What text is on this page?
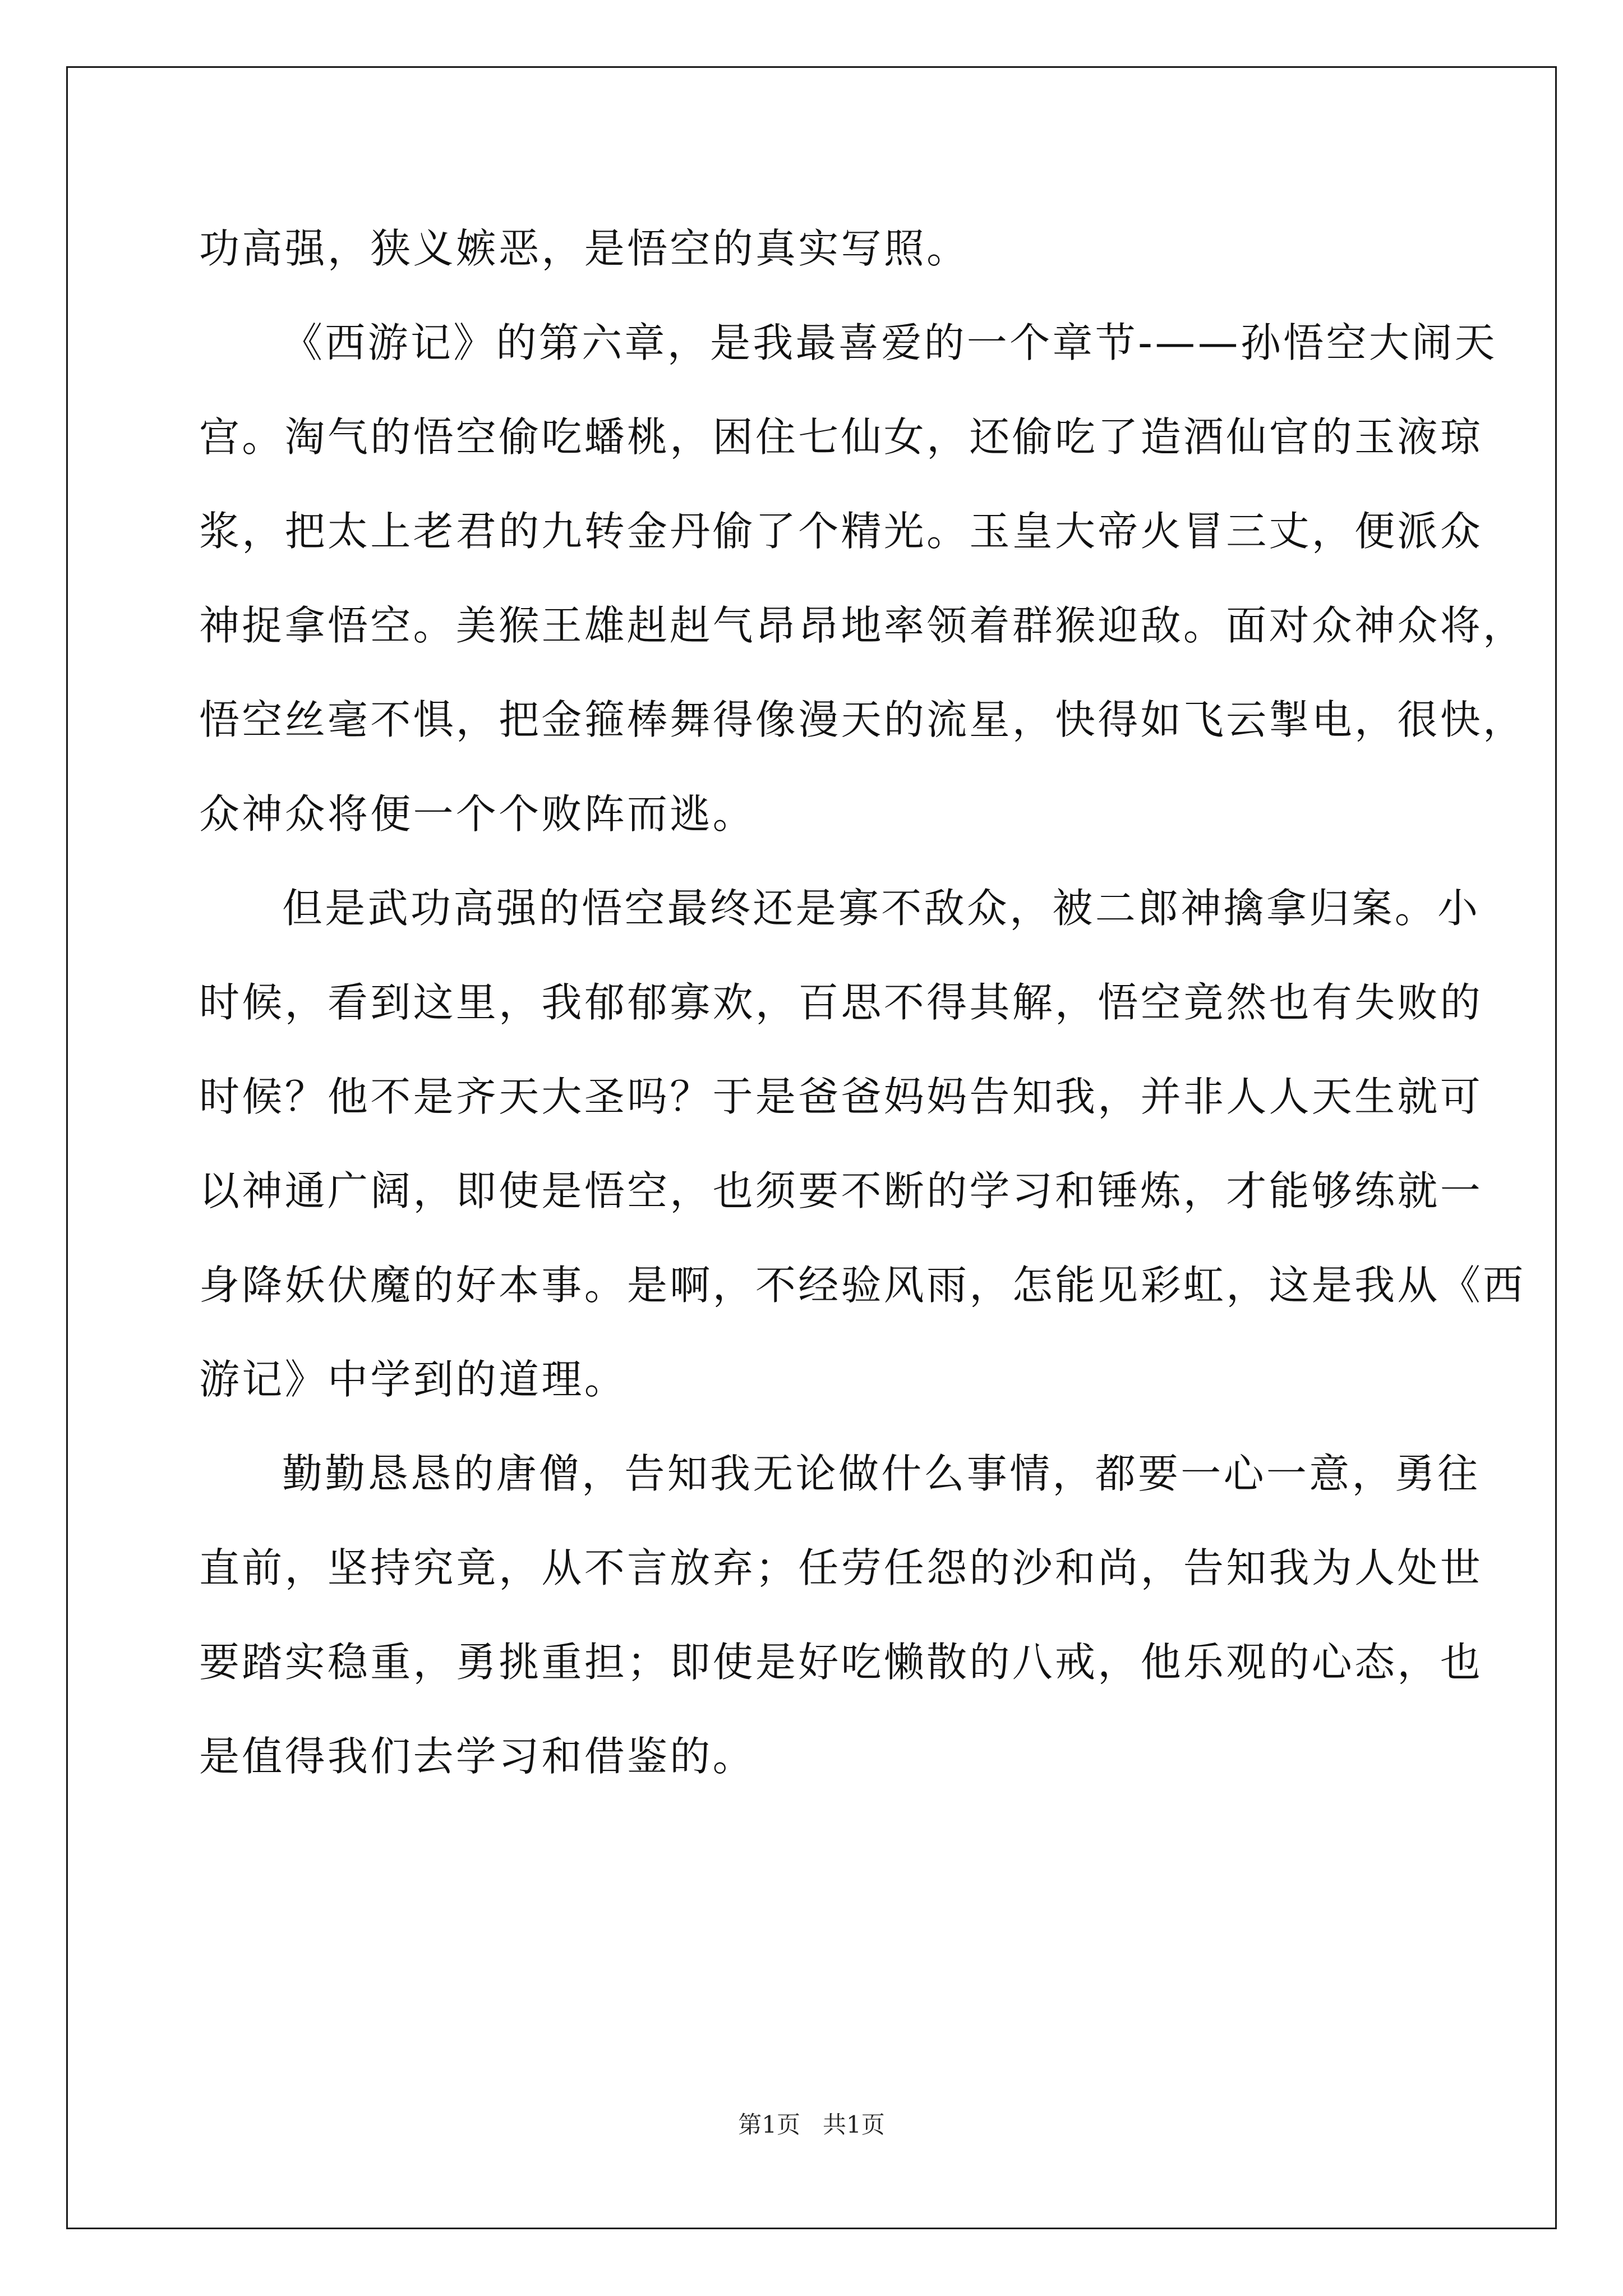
功高强，狭义嫉恶，是悟空的真实写照。
《西游记》的第六章，是我最喜爱的一个章节-——孙悟空大闹天
宫。淘气的悟空偷吃蟠桃，困住七仙女，还偷吃了造酒仙官的玉液琼
浆，把太上老君的九转金丹偷了个精光。玉皇大帝火冒三丈，便派众
神捉拿悟空。美猴王雄赳赳气昂昂地率领着群猴迎敌。面对众神众将，
悟空丝毫不惧，把金箍棒舞得像漫天的流星，快得如飞云掣电，很快，
众神众将便一个个败阵而逃。
但是武功高强的悟空最终还是寡不敌众，被二郎神擒拿归案。小
时候，看到这里，我郁郁寡欢，百思不得其解，悟空竟然也有失败的
时候？他不是齐天大圣吗？于是爸爸妈妈告知我，并非人人天生就可
以神通广阔，即使是悟空，也须要不断的学习和锤炼，才能够练就一
身降妖伏魔的好本事。是啊，不经验风雨，怎能见彩虹，这是我从《西
游记》中学到的道理。
勤勤恳恳的唐僧，告知我无论做什么事情，都要一心一意，勇往
直前，坚持究竟，从不言放弃；任劳任怨的沙和尚，告知我为人处世
要踏实稳重，勇挑重担；即使是好吃懒散的八戒，他乐观的心态，也
是值得我们去学习和借鉴的。
第1页   共1页
